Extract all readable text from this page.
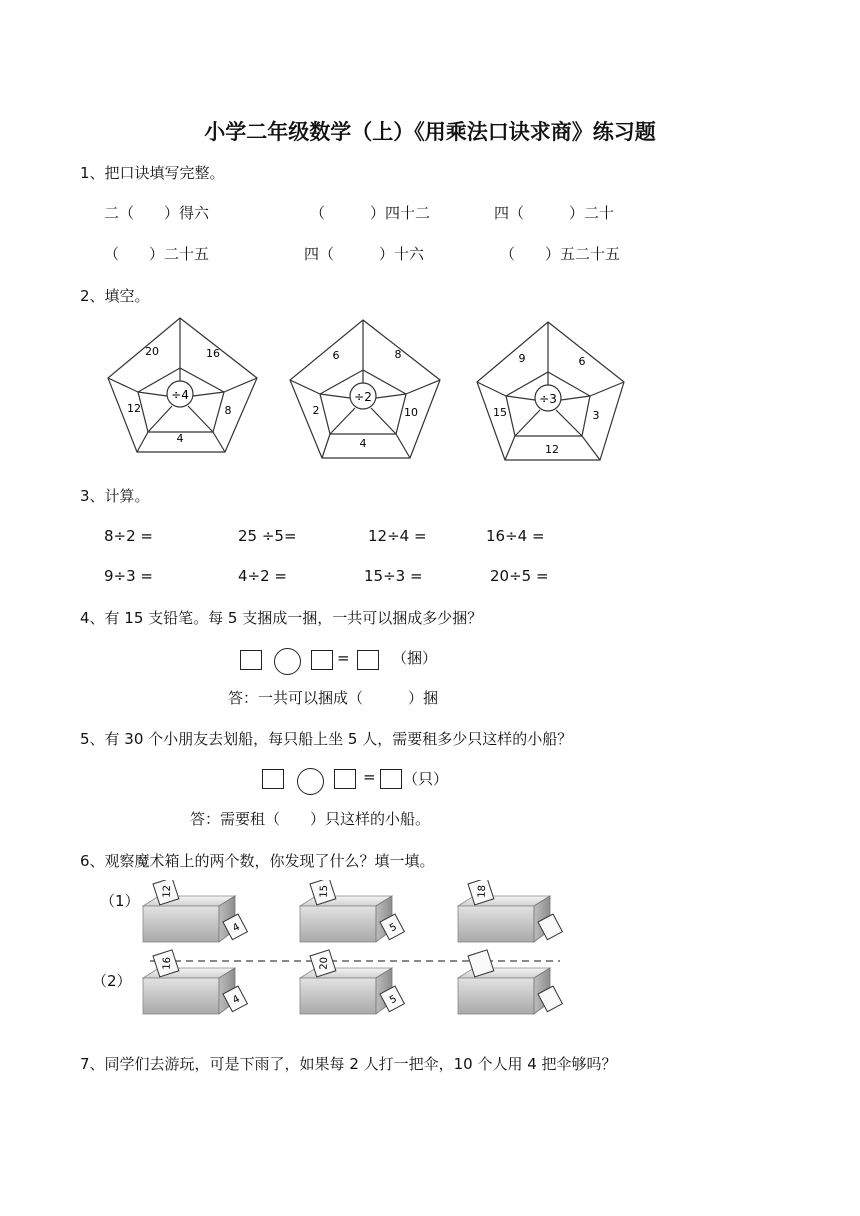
小学二年级数学（上）《用乘法口诀求商》练习题
1、把口诀填写完整。
二（　　）得六	（　　　）四十二	四（　　　）二十
（　　）二十五	四（　　　）十六	（　　）五二十五
2、填空。
÷4
20	16
8
4
12
÷2
6	8
10
4
2
÷3
9	6
3
12
15
3、计算。
8÷2 =	25 ÷5=	12÷4 =	16÷4 =
9÷3 =	4÷2 =	15÷3 =	20÷5 =
4、有 15 支铅笔。每 5 支捆成一捆，一共可以捆成多少捆？
=	（捆）
答：一共可以捆成（　　　）捆
5、有 30 个小朋友去划船，每只船上坐 5 人，需要租多少只这样的小船？
= （只）
答：需要租（　　）只这样的小船。
6、观察魔术箱上的两个数，你发现了什么？填一填。
（1）
（2）
12
4
15
5
18
16
4
20
5
7、同学们去游玩，可是下雨了，如果每 2 人打一把伞，10 个人用 4 把伞够吗？
